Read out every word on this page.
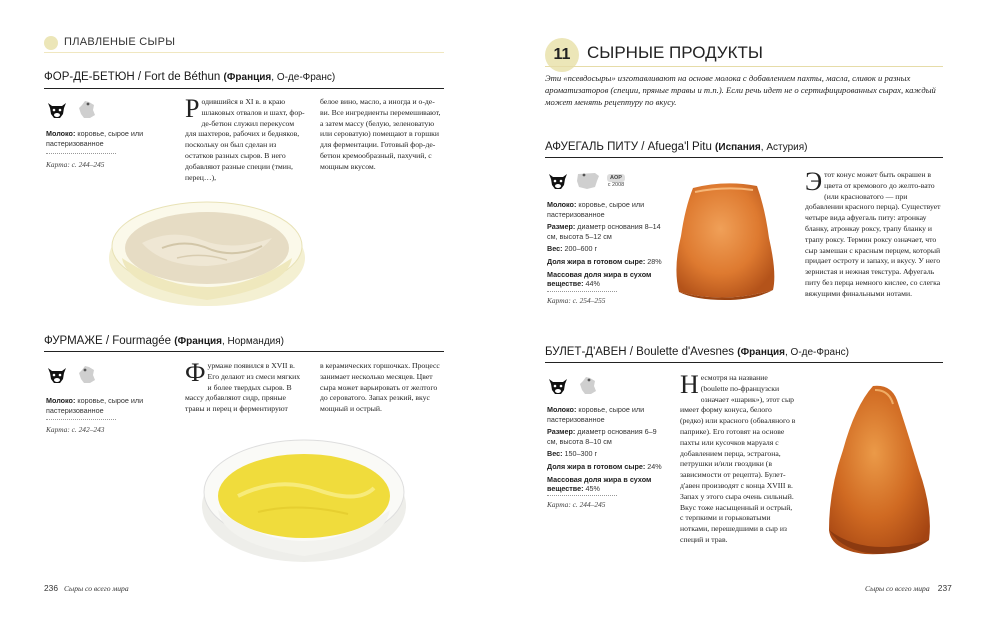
ПЛАВЛЕНЫЕ СЫРЫ
ФОР-ДЕ-БЕТЮН / Fort de Béthun (Франция, О-де-Франс)
Молоко: коровье, сырое или пастеризованное
Карта: с. 244–245
Родившийся в XI в. в краю шлаковых отвалов и шахт, фор-де-бетюн служил перекусом для шахтеров, рабочих и бедняков, поскольку он был сделан из остатков разных сыров. В него добавляют разные специи (тмин, перец…),
белое вино, масло, а иногда и о-де-ви. Все ингредиенты перемешивают, а затем массу (белую, зеленоватую или сероватую) помещают в горшки для ферментации. Готовый фор-де-бетюн кремообразный, пахучий, с мощным вкусом.
ФУРМАЖЕ / Fourmagée (Франция, Нормандия)
Молоко: коровье, сырое или пастеризованное
Карта: с. 242–243
Фурмаже появился в XVII в. Его делают из смеси мягких и более твердых сыров. В массу добавляют сидр, пряные травы и перец и ферментируют
в керамических горшочках. Процесс занимает несколько месяцев. Цвет сыра может варьировать от желтого до сероватого. Запах резкий, вкус мощный и острый.
236 Сыры со всего мира
11 СЫРНЫЕ ПРОДУКТЫ
Эти «псевдосыры» изготавливают на основе молока с добавлением пахты, масла, сливок и разных ароматизаторов (специи, пряные травы и т.п.). Если речь идет не о сертифицированных сырах, каждый может менять рецептуру по вкусу.
АФУЕГАЛЬ ПИТУ / Afuega'l Pitu (Испания, Астурия)
AOP
с 2008
Молоко: коровье, сырое или пастеризованное
Размер: диаметр основания 8–14 см, высота 5–12 см
Вес: 200–600 г
Доля жира в готовом сыре: 28%
Массовая доля жира в сухом веществе: 44%
Карта: с. 254–255
Этот конус может быть окрашен в цвета от кремового до желто-вато (или красноватого — при добавлении красного перца). Существует четыре вида афуегаль питу: атронкау бланку, атронкау роксу, трапу бланку и трапу роксу. Термин роксу означает, что сыр замешан с красным перцем, который придает остроту и запаху, и вкусу. У него зернистая и нежная текстура. Афуегаль питу без перца немного кислее, со слегка вяжущими финальными нотами.
БУЛЕТ-Д'АВЕН / Boulette d'Avesnes (Франция, О-де-Франс)
Молоко: коровье, сырое или пастеризованное
Размер: диаметр основания 6–9 см, высота 8–10 см
Вес: 150–300 г
Доля жира в готовом сыре: 24%
Массовая доля жира в сухом веществе: 45%
Карта: с. 244–245
Несмотря на название (boulette по-французски означает «шарик»), этот сыр имеет форму конуса, белого (редко) или красного (обваляного в паприке). Его готовят на основе пахты или кусочков маруаля с добавлением перца, эстрагона, петрушки и/или гвоздики (в зависимости от рецепта). Булет-д'авен производят с конца XVIII в. Запах у этого сыра очень сильный. Вкус тоже насыщенный и острый, с терпкими и горьковатыми нотками, перешедшими в сыр из специй и трав.
Сыры со всего мира 237
